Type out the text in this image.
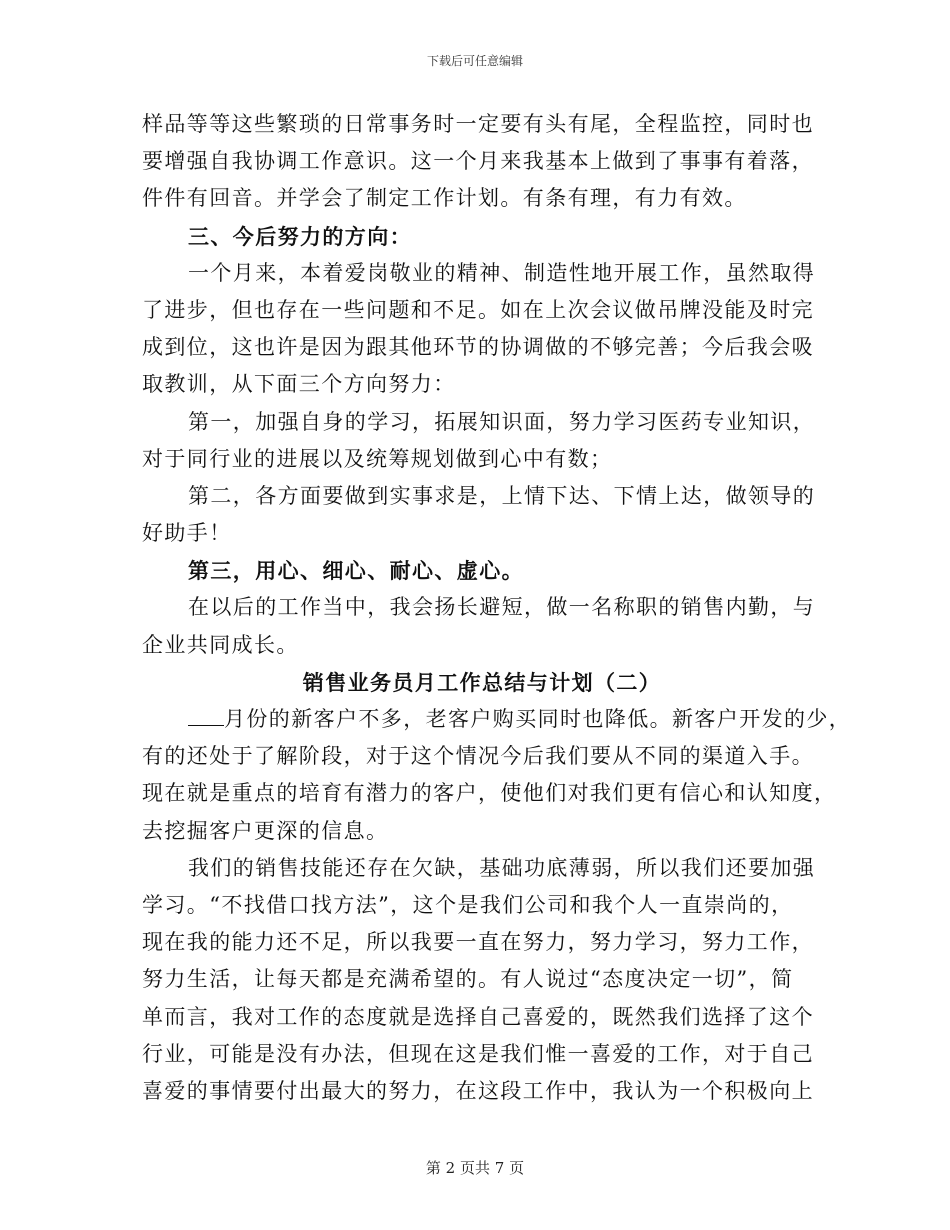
下载后可任意编辑
样品等等这些繁琐的日常事务时一定要有头有尾，全程监控，同时也
要增强自我协调工作意识。这一个月来我基本上做到了事事有着落，
件件有回音。并学会了制定工作计划。有条有理，有力有效。
三、今后努力的方向：
一个月来，本着爱岗敬业的精神、制造性地开展工作，虽然取得
了进步，但也存在一些问题和不足。如在上次会议做吊牌没能及时完
成到位，这也许是因为跟其他环节的协调做的不够完善；今后我会吸
取教训，从下面三个方向努力：
第一，加强自身的学习，拓展知识面，努力学习医药专业知识，
对于同行业的进展以及统筹规划做到心中有数；
第二，各方面要做到实事求是，上情下达、下情上达，做领导的
好助手！
第三，用心、细心、耐心、虚心。
在以后的工作当中，我会扬长避短，做一名称职的销售内勤，与
企业共同成长。
销售业务员月工作总结与计划（二）
月份的新客户不多，老客户购买同时也降低。新客户开发的少，
有的还处于了解阶段，对于这个情况今后我们要从不同的渠道入手。
现在就是重点的培育有潜力的客户，使他们对我们更有信心和认知度，
去挖掘客户更深的信息。
我们的销售技能还存在欠缺，基础功底薄弱，所以我们还要加强
学习。“不找借口找方法”，这个是我们公司和我个人一直崇尚的，
现在我的能力还不足，所以我要一直在努力，努力学习，努力工作，
努力生活，让每天都是充满希望的。有人说过“态度决定一切”，简
单而言，我对工作的态度就是选择自己喜爱的，既然我们选择了这个
行业，可能是没有办法，但现在这是我们惟一喜爱的工作，对于自己
喜爱的事情要付出最大的努力，在这段工作中，我认为一个积极向上
第 2 页共 7 页
